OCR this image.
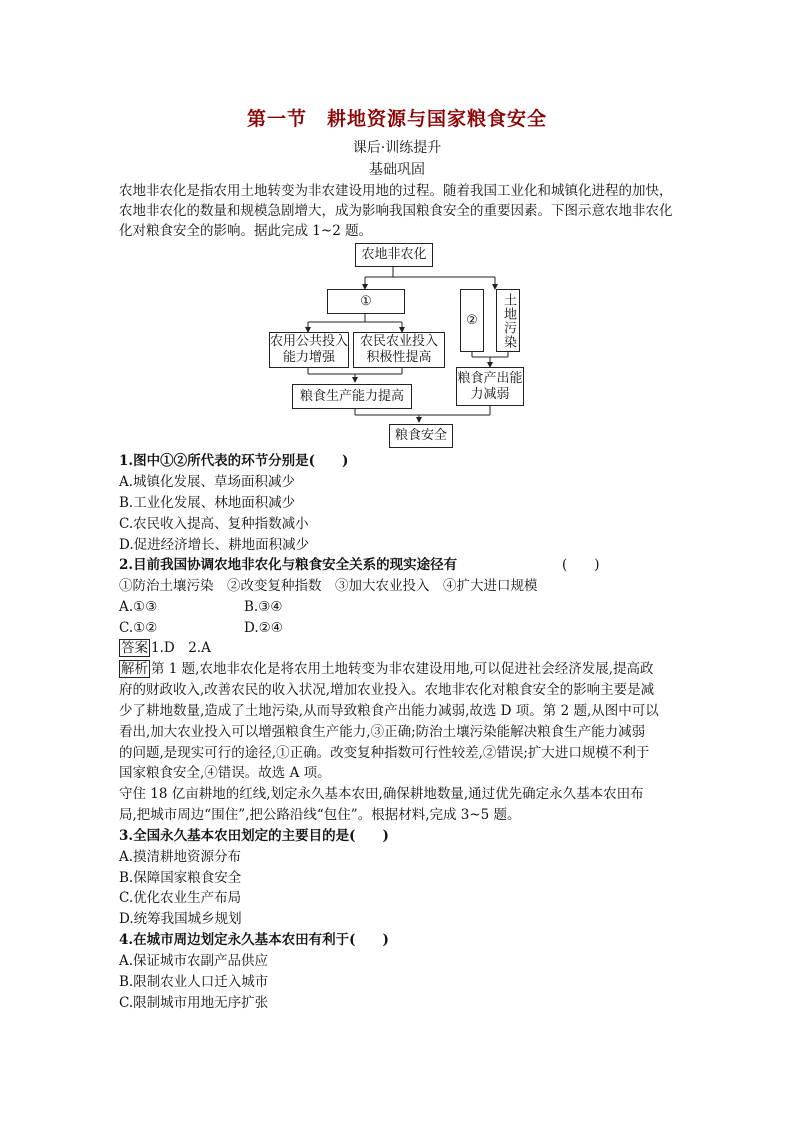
第一节　耕地资源与国家粮食安全
课后·训练提升
基础巩固
农地非农化是指农用土地转变为非农建设用地的过程。随着我国工业化和城镇化进程的加快，
农地非农化的数量和规模急剧增大，成为影响我国粮食安全的重要因素。下图示意农地非农化
化对粮食安全的影响。据此完成 1~2 题。
农地非农化
①
②	土地污染
农用公共投入能力增强
农民农业投入积极性提高
粮食产出能力减弱
粮食生产能力提高
粮食安全
1.图中①②所代表的环节分别是(　　)
A.城镇化发展、草场面积减少
B.工业化发展、林地面积减少
C.农民收入提高、复种指数减小
D.促进经济增长、耕地面积减少
2.目前我国协调农地非农化与粮食安全关系的现实途径有	(　　)
①防治土壤污染　②改变复种指数　③加大农业投入　④扩大进口规模
A.①③	B.③④
C.①②	D.②④
答案 1.D　2.A
解析 第 1 题,农地非农化是将农用土地转变为非农建设用地,可以促进社会经济发展,提高政
府的财政收入,改善农民的收入状况,增加农业投入。农地非农化对粮食安全的影响主要是减
少了耕地数量,造成了土地污染,从而导致粮食产出能力减弱,故选 D 项。第 2 题,从图中可以
看出,加大农业投入可以增强粮食生产能力,③正确;防治土壤污染能解决粮食生产能力减弱
的问题,是现实可行的途径,①正确。改变复种指数可行性较差,②错误;扩大进口规模不利于
国家粮食安全,④错误。故选 A 项。
守住 18 亿亩耕地的红线,划定永久基本农田,确保耕地数量,通过优先确定永久基本农田布
局,把城市周边“围住”,把公路沿线“包住”。根据材料,完成 3~5 题。
3.全国永久基本农田划定的主要目的是(　　)
A.摸清耕地资源分布
B.保障国家粮食安全
C.优化农业生产布局
D.统筹我国城乡规划
4.在城市周边划定永久基本农田有利于(　　)
A.保证城市农副产品供应
B.限制农业人口迁入城市
C.限制城市用地无序扩张
